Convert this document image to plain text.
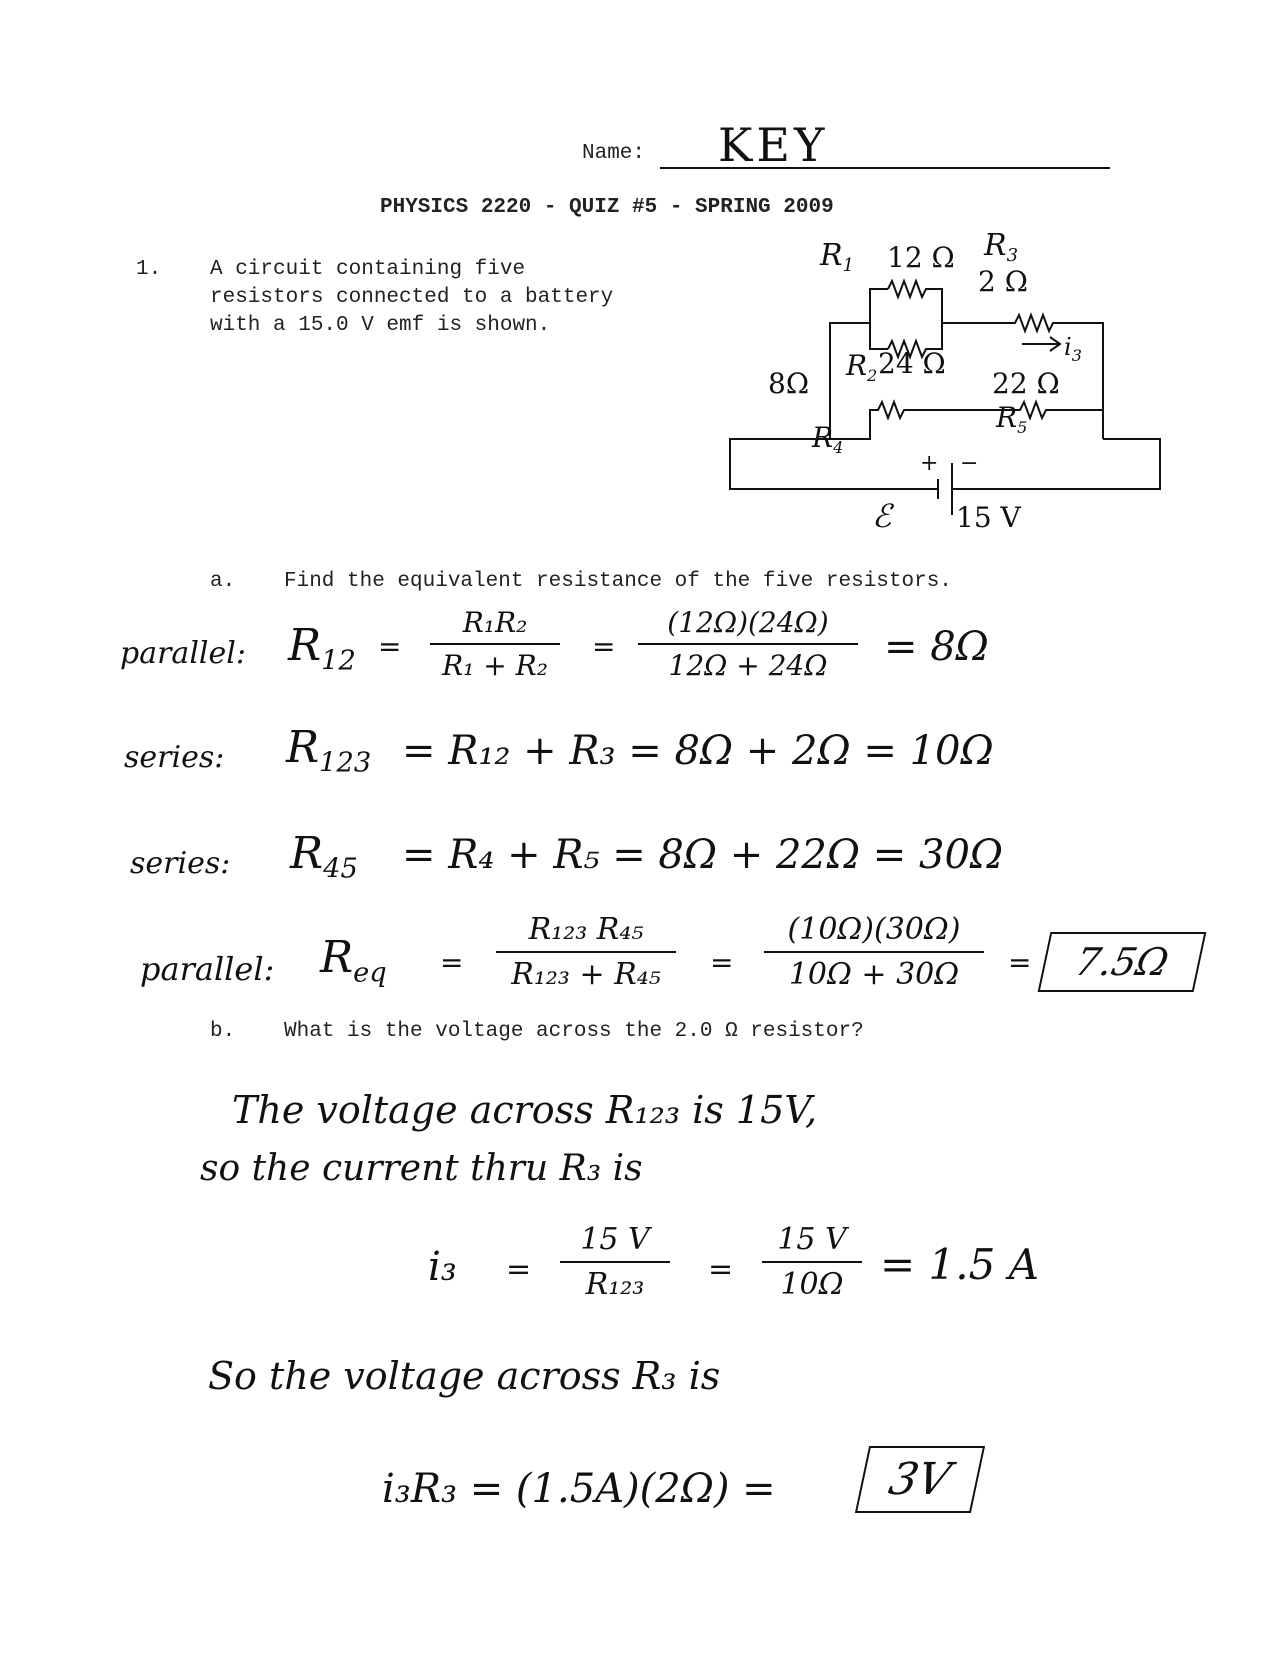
Name: KEY
PHYSICS 2220 - QUIZ #5 - SPRING 2009
1. A circuit containing five
resistors connected to a battery
with a 15.0 V emf is shown.
$R_1$ 12 Ω $R_3$
2 Ω
$i_3$
$R_2$ 24 Ω
8Ω	22 Ω
$R_4$
$R_5$
+ −
ℰ 15 V
a. Find the equivalent resistance of the five resistors.
parallel: $R_{12}$ =
R₁R₂
R₁ + R₂
=
(12Ω)(24Ω)
12Ω + 24Ω	= 8Ω
series: $R_{123} = R_{12} + R_3 = 8\Omega + 2\Omega = 10\Omega$
series: $R_{45} = R_4 + R_5 = 8\Omega + 22\Omega = 30\Omega$
parallel: $R_{eq}$ =
R₁₂₃ R₄₅
R₁₂₃ + R₄₅	=
(10Ω)(30Ω)
10Ω + 30Ω	=	7.5Ω
b. What is the voltage across the 2.0 Ω resistor?
The voltage across R₁₂₃ is 15V,
so the current thru R₃ is
i₃ =
15 V
R₁₂₃	=
15 V
10Ω = 1.5 A
So the voltage across R₃ is
i₃R₃ = (1.5A)(2Ω) =	3V
